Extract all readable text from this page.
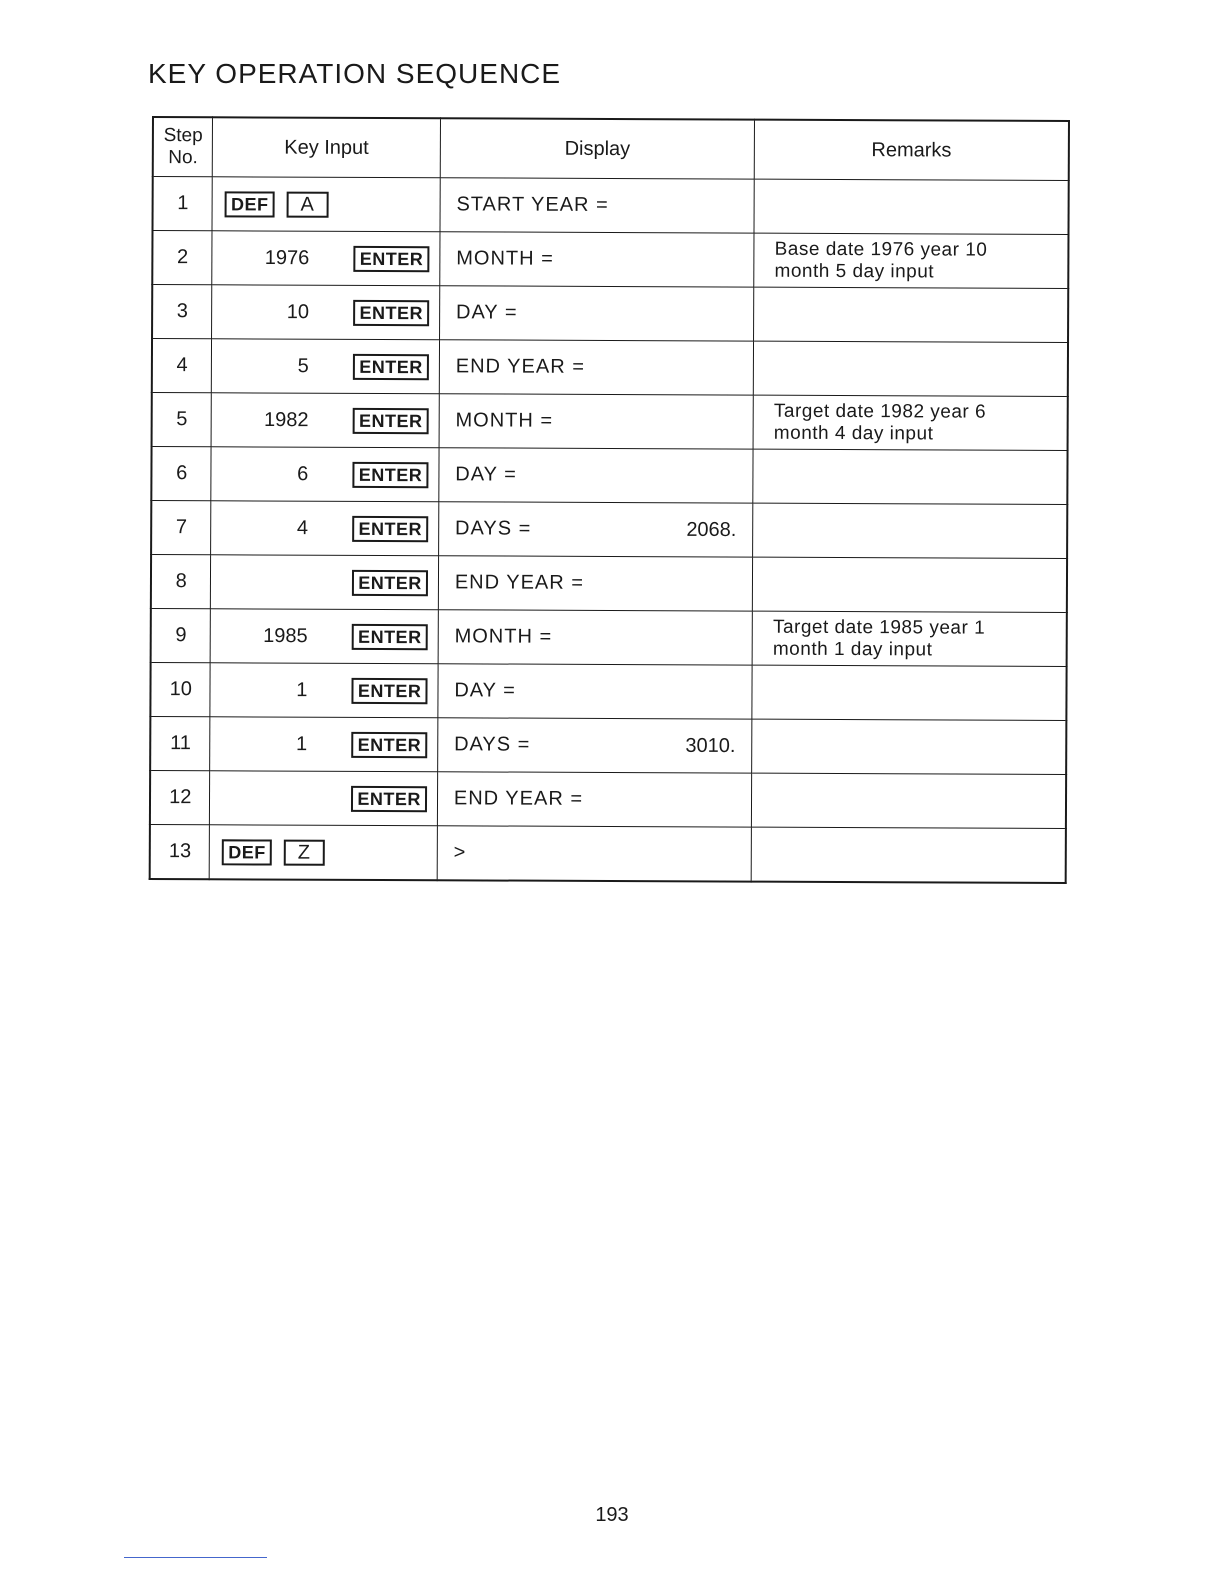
KEY OPERATION SEQUENCE
Step
No.	Key Input	Display	Remarks
1	DEF A	START YEAR =	
2	1976 ENTER	MONTH =	Base date 1976 year 10
month 5 day input

3	10 ENTER	DAY =	
4	5 ENTER	END YEAR =	
5	1982 ENTER	MONTH =	Target date 1982 year 6
month 4 day input

6	6 ENTER	DAY =	
7	4 ENTER	DAYS = 2068.	

8	ENTER	END YEAR =	
9	1985 ENTER	MONTH =	Target date 1985 year 1
month 1 day input

10	1 ENTER	DAY =	
11	1 ENTER	DAYS = 3010.	

12	ENTER	END YEAR =	
13	DEF Z	>	
193
